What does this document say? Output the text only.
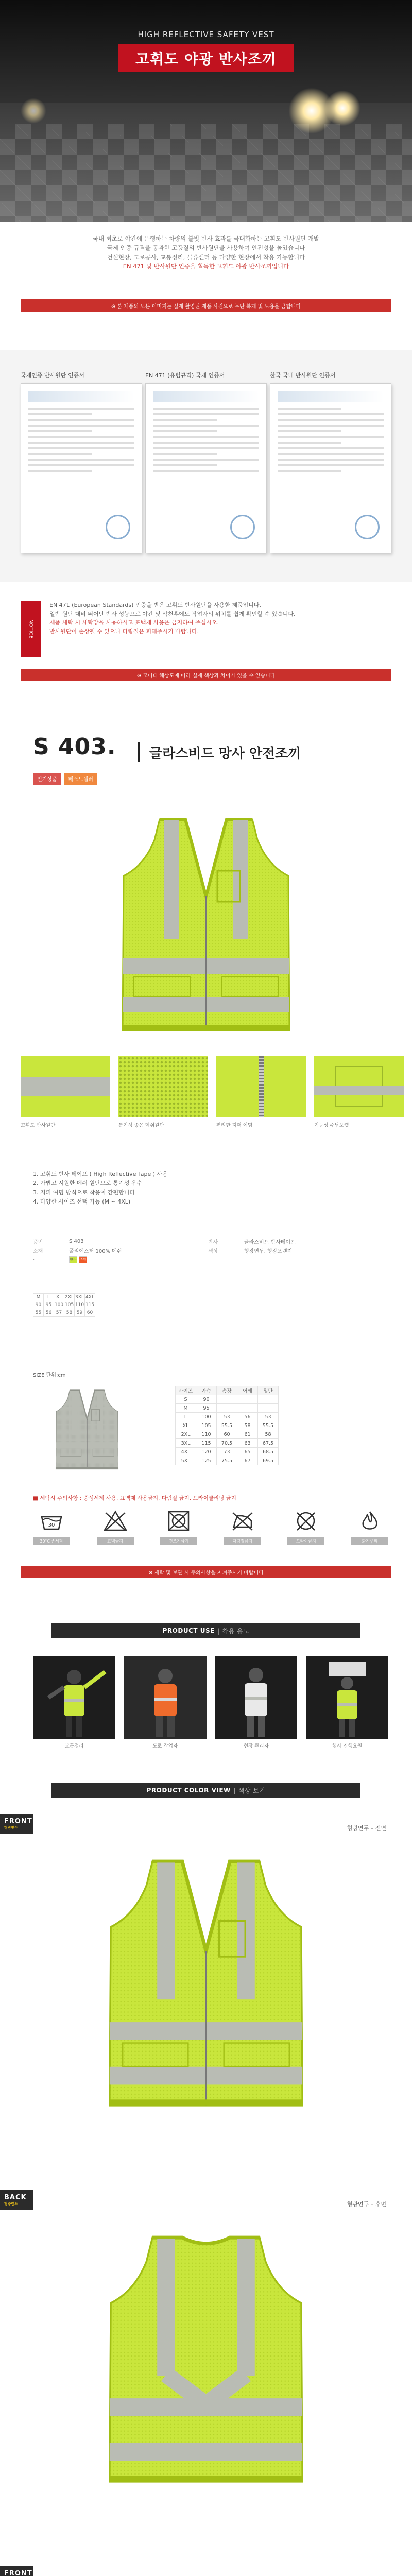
HIGH REFLECTIVE SAFETY VEST
고휘도 야광 반사조끼

국내 최초로 야간에 운행하는 차량의 불빛 반사 효과를 극대화하는 고휘도 반사원단 개발

국제 인증 규격을 통과한 고품질의 반사원단을 사용하여 안전성을 높였습니다

건설현장, 도로공사, 교통정리, 물류센터 등 다양한 현장에서 착용 가능합니다

EN 471 및 반사원단 인증을 획득한 고휘도 야광 반사조끼입니다

※ 본 제품의 모든 이미지는 실제 촬영된 제품 사진으로 무단 복제 및 도용을 금합니다
국제인증 반사원단 인증서	EN 471 (유럽규격) 국제 인증서	한국 국내 반사원단 인증서
NOTICE

EN 471 (European Standards) 인증을 받은 고휘도 반사원단을 사용한 제품입니다.

일반 원단 대비 뛰어난 반사 성능으로 야간 및 악천후에도 작업자의 위치를 쉽게 확인할 수 있습니다.

제품 세탁 시 세탁망을 사용하시고 표백제 사용은 금지하여 주십시오.

반사원단이 손상될 수 있으니 다림질은 피해주시기 바랍니다.

※ 모니터 해상도에 따라 실제 색상과 차이가 있을 수 있습니다
S 403. 글라스비드 망사 안전조끼
인기상품	베스트셀러
고휘도 반사원단	통기성 좋은 메쉬원단	편리한 지퍼 여밈	기능성 수납포켓
1. 고휘도 반사 테이프 ( High Reflective Tape ) 사용
2. 가볍고 시원한 메쉬 원단으로 통기성 우수
3. 지퍼 여밈 방식으로 착용이 간편합니다
4. 다양한 사이즈 선택 가능 (M ~ 4XL)
품번	S 403	반사	글라스비드 반사테이프
소재	폴리에스터 100% 메쉬	색상	형광연두, 형광오렌지
·	연두 주황
M	L	XL	2XL	3XL	4XL
90	95	100	105	110	115
55	56	57	58	59	60
SIZE 단위:cm
사이즈	가슴	총장	어깨	밑단
S	90			
M	95			
L	100	53	56	53
XL	105	55.5	58	55.5
2XL	110	60	61	58
3XL	115	70.5	63	67.5
4XL	120	73	65	68.5
5XL	125	75.5	67	69.5
■ 세탁시 주의사항 : 중성세제 사용, 표백제 사용금지, 다림질 금지, 드라이클리닝 금지
30
30°C 손세탁	표백금지	건조기금지	다림질금지	드라이금지	화기주의
※ 세탁 및 보관 시 주의사항을 지켜주시기 바랍니다
PRODUCT USE | 착용 용도
교통정리	도로 작업자	현장 관리자	행사 진행요원
PRODUCT COLOR VIEW | 색상 보기
FRONT
형광연두	형광연두 – 전면
BACK
형광연두	형광연두 – 후면
FRONT
